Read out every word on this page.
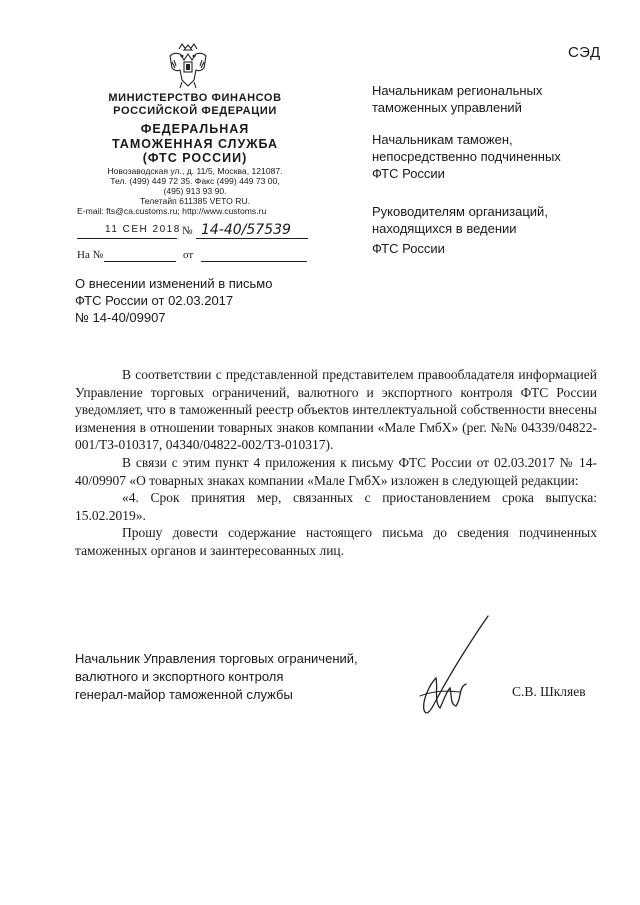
СЭД
МИНИСТЕРСТВО ФИНАНСОВ
РОССИЙСКОЙ ФЕДЕРАЦИИ
ФЕДЕРАЛЬНАЯ
ТАМОЖЕННАЯ СЛУЖБА
(ФТС РОССИИ)
Новозаводская ул., д. 11/5, Москва, 121087.
Тел. (499) 449 72 35. Факс (499) 449 73 00,
(495) 913 93 90.
Телетайп 611385 VETO RU.
E-mail: fts@ca.customs.ru; http://www.customs.ru
11 СЕН 2018 № 14-40/57539
На №	от
Начальникам региональных
таможенных управлений
Начальникам таможен,
непосредственно подчиненных
ФТС России
Руководителям организаций,
находящихся в ведении
ФТС России
О внесении изменений в письмо
ФТС России от 02.03.2017
№ 14-40/09907

В соответствии с представленной представителем правообладателя информацией Управление торговых ограничений, валютного и экспортного контроля ФТС России уведомляет, что в таможенный реестр объектов интеллектуальной собственности внесены изменения в отношении товарных знаков компании «Мале ГмбХ» (рег. №№ 04339/04822-001/ТЗ-010317, 04340/04822-002/ТЗ-010317).

В связи с этим пункт 4 приложения к письму ФТС России от 02.03.2017 № 14-40/09907 «О товарных знаках компании «Мале ГмбХ» изложен в следующей редакции:

«4. Срок принятия мер, связанных с приостановлением срока выпуска: 15.02.2019».

Прошу довести содержание настоящего письма до сведения подчиненных таможенных органов и заинтересованных лиц.

Начальник Управления торговых ограничений,
валютного и экспортного контроля
генерал-майор таможенной службы	С.В. Шкляев
